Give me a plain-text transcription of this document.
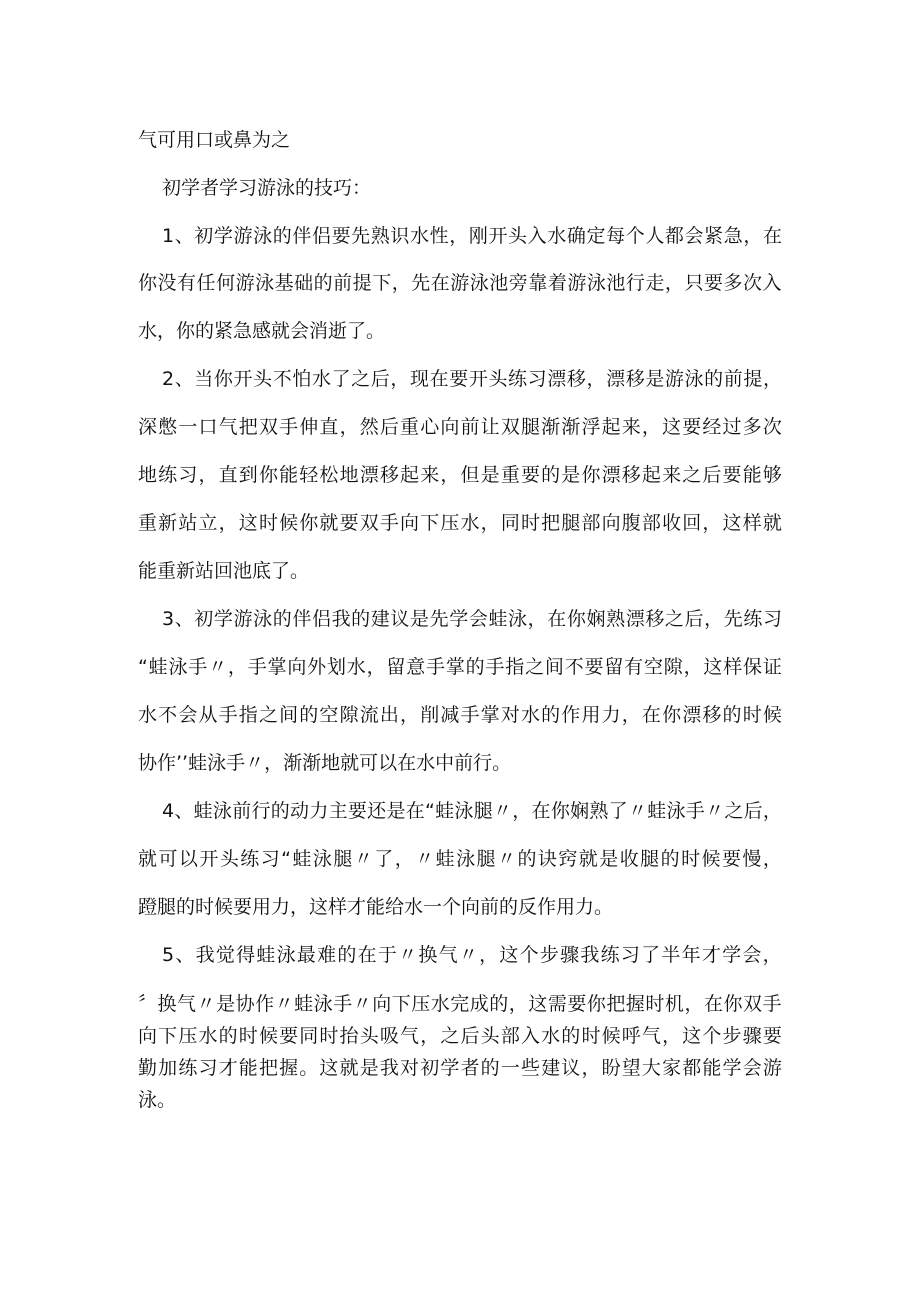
气可用口或鼻为之
初学者学习游泳的技巧：
1 、 初 学 游 泳 的 伴 侣 要 先 熟 识 水 性 ， 刚 开 头 入 水 确 定 每 个 人 都 会 紧 急 ， 在
你 没 有 任 何 游 泳 基 础 的 前 提 下 ， 先 在 游 泳 池 旁 靠 着 游 泳 池 行 走 ， 只 要 多 次 入
水，你的紧急感就会消逝了。
2 、 当 你 开 头 不 怕 水 了 之 后 ， 现 在 要 开 头 练 习 漂 移 ， 漂 移 是 游 泳 的 前 提 ，
深 憋 一 口 气 把 双 手 伸 直 ， 然 后 重 心 向 前 让 双 腿 渐 渐 浮 起 来 ， 这 要 经 过 多 次
地 练 习 ， 直 到 你 能 轻 松 地 漂 移 起 来 ， 但 是 重 要 的 是 你 漂 移 起 来 之 后 要 能 够
重 新 站 立 ， 这 时 候 你 就 要 双 手 向 下 压 水 ， 同 时 把 腿 部 向 腹 部 收 回 ， 这 样 就
能重新站回池底了。
3 、 初 学 游 泳 的 伴 侣 我 的 建 议 是 先 学 会 蛙 泳 ， 在 你 娴 熟 漂 移 之 后 ， 先 练 习
“ 蛙 泳 手 〃 ， 手 掌 向 外 划 水 ， 留 意 手 掌 的 手 指 之 间 不 要 留 有 空 隙 ， 这 样 保 证
水 不 会 从 手 指 之 间 的 空 隙 流 出 ， 削 减 手 掌 对 水 的 作 用 力 ， 在 你 漂 移 的 时 候
协作’’蛙泳手〃，渐渐地就可以在水中前行。
4 、 蛙 泳 前 行 的 动 力 主 要 还 是 在 “ 蛙 泳 腿 〃 ， 在 你 娴 熟 了 〃 蛙 泳 手 〃 之 后 ，
就 可 以 开 头 练 习 “ 蛙 泳 腿 〃 了 ， 〃 蛙 泳 腿 〃 的 诀 窍 就 是 收 腿 的 时 候 要 慢 ，
蹬腿的时候要用力，这样才能给水一个向前的反作用力。
5 、 我 觉 得 蛙 泳 最 难 的 在 于 〃 换 气 〃 ， 这 个 步 骤 我 练 习 了 半 年 才 学 会 ，
〞 换 气 〃 是 协 作 〃 蛙 泳 手 〃 向 下 压 水 完 成 的 ， 这 需 要 你 把 握 时 机 ， 在 你 双 手
向 下 压 水 的 时 候 要 同 时 抬 头 吸 气 ， 之 后 头 部 入 水 的 时 候 呼 气 ， 这 个 步 骤 要
勤 加 练 习 才 能 把 握 。 这 就 是 我 对 初 学 者 的 一 些 建 议 ， 盼 望 大 家 都 能 学 会 游
泳。
